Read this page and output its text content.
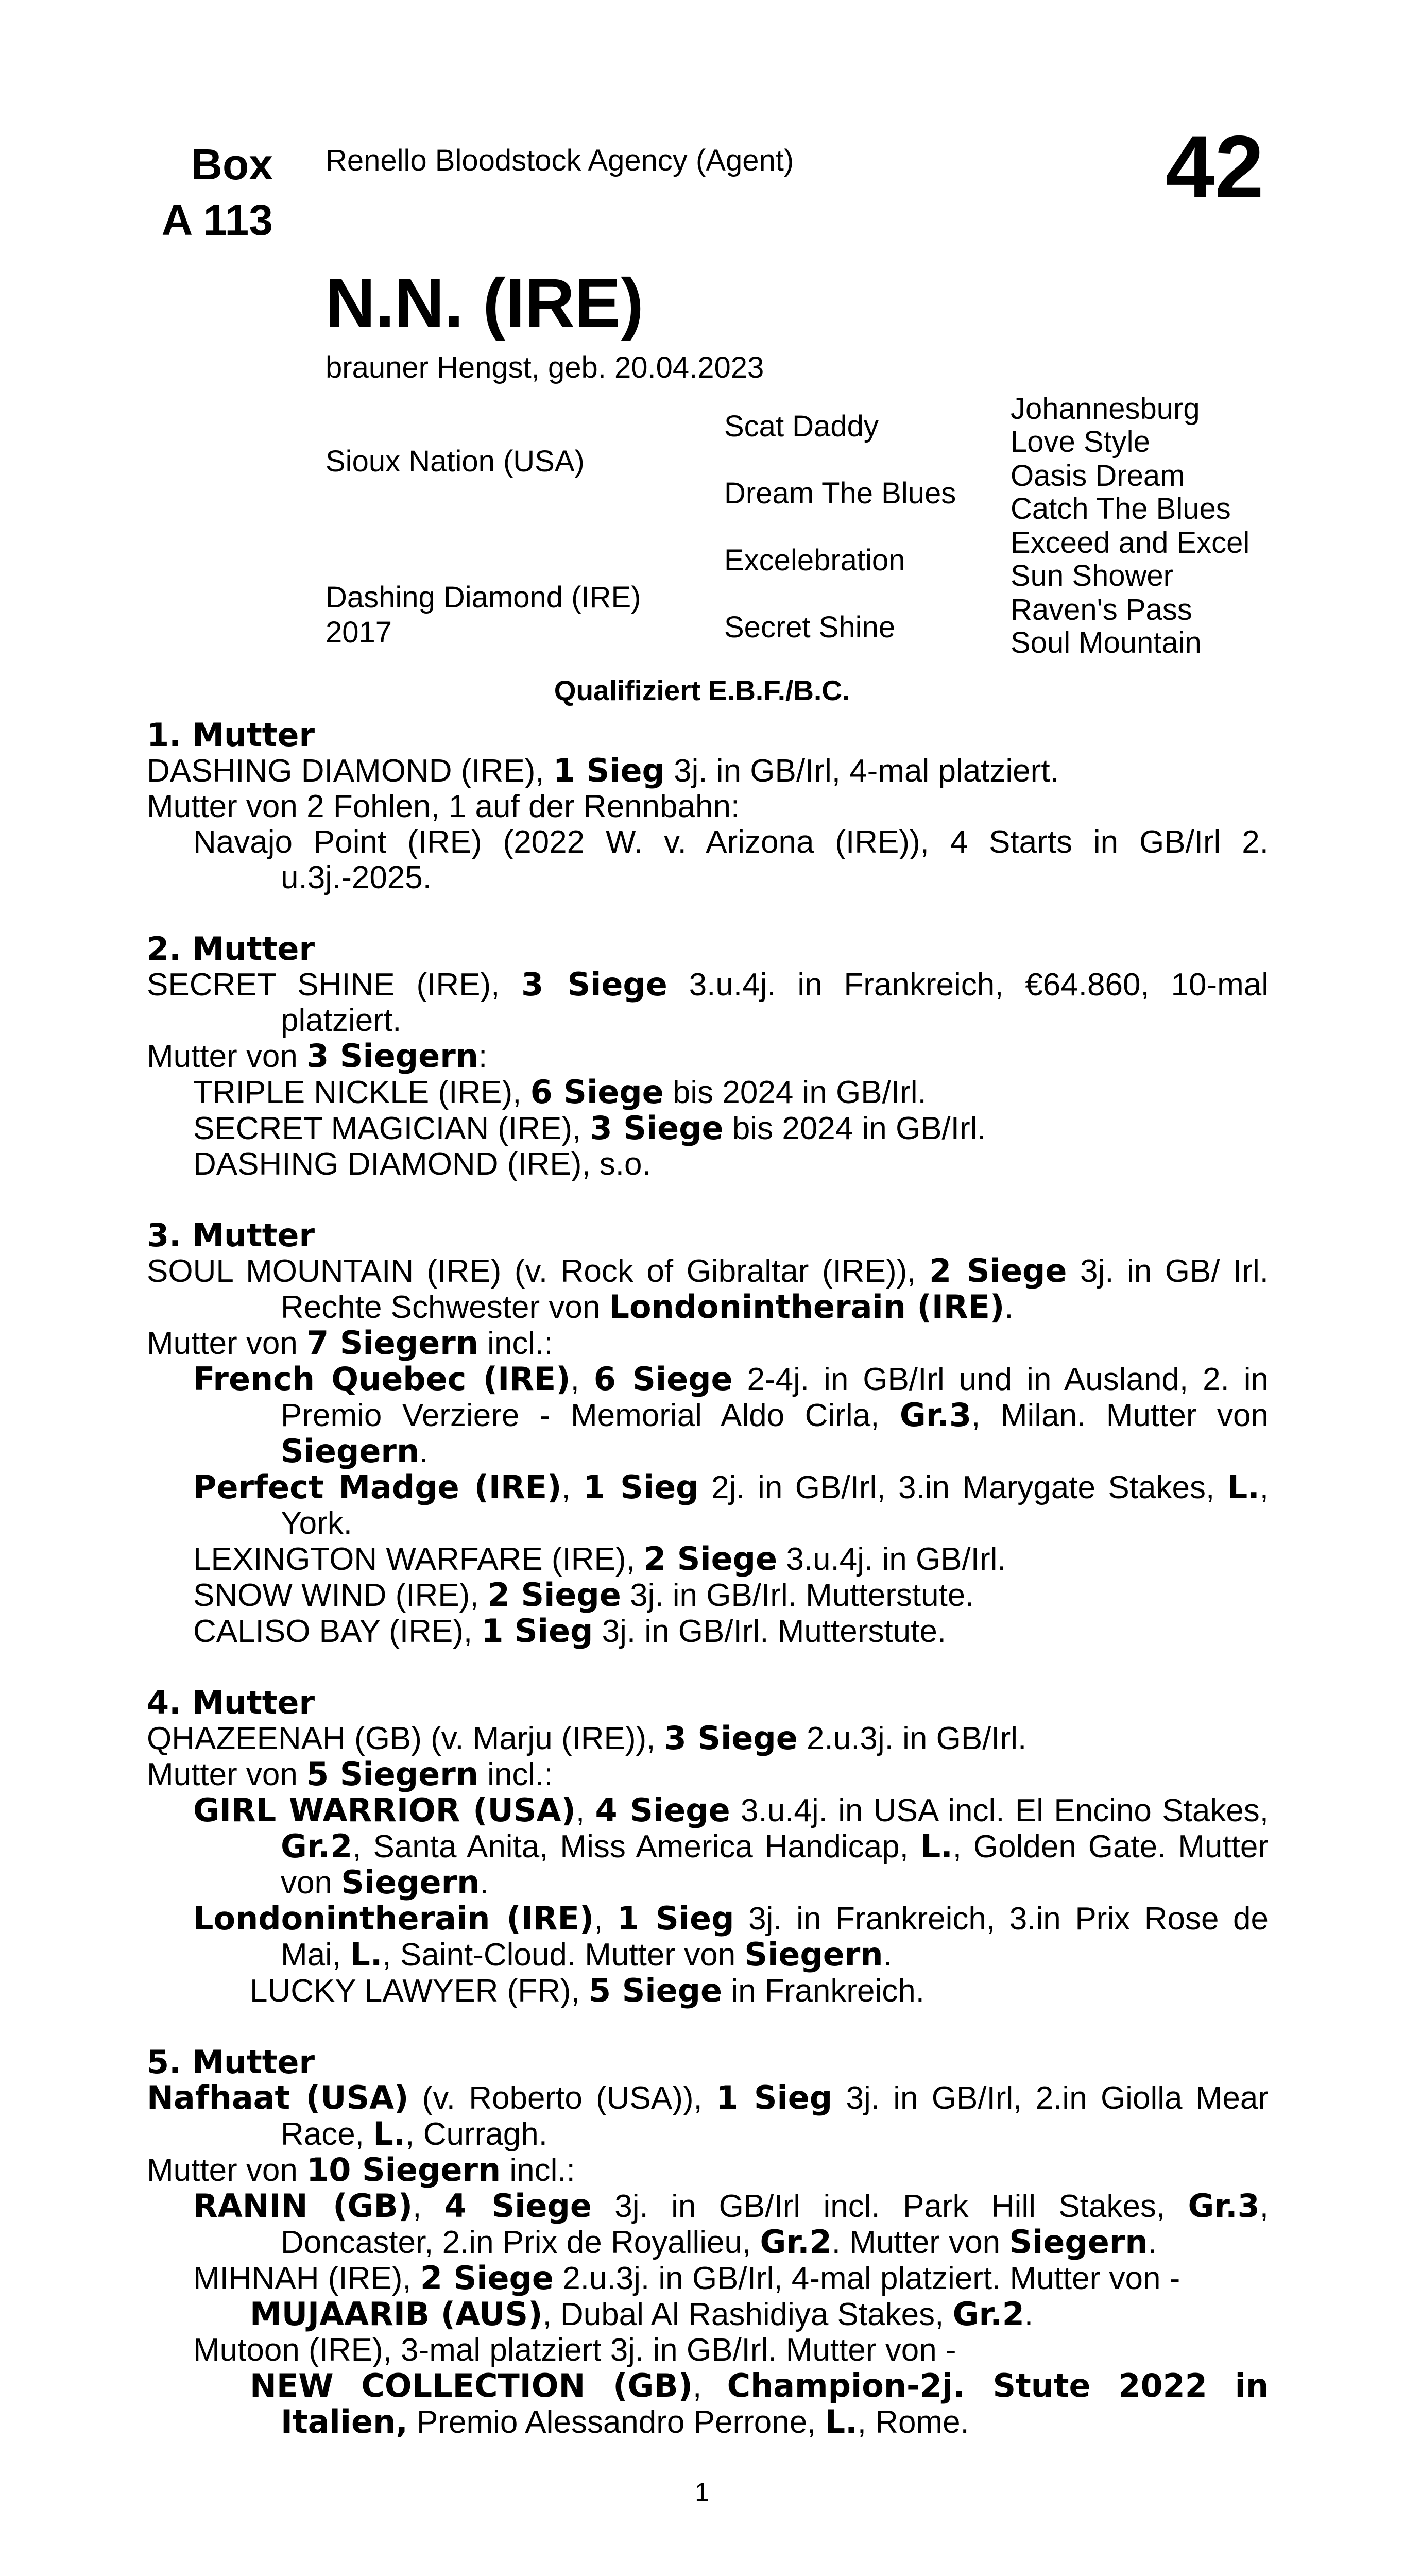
Box
A 113
Renello Bloodstock Agency (Agent)	42
N.N. (IRE)
brauner Hengst, geb. 20.04.2023
Sioux Nation (USA)
Dashing Diamond (IRE)
2017
Scat Daddy
Dream The Blues
Excelebration
Secret Shine
Johannesburg
Love Style
Oasis Dream
Catch The Blues
Exceed and Excel
Sun Shower
Raven's Pass
Soul Mountain
Qualifiziert E.B.F./B.C.
1. Mutter
DASHING DIAMOND (IRE), 1 Sieg 3j. in GB/Irl, 4-mal platziert.
Mutter von 2 Fohlen, 1 auf der Rennbahn:
Navajo Point (IRE) (2022 W. v. Arizona (IRE)), 4 Starts in GB/Irl 2. u.3j.-2025.
2. Mutter
SECRET SHINE (IRE), 3 Siege 3.u.4j. in Frankreich, €64.860, 10-mal platziert.
Mutter von 3 Siegern:
TRIPLE NICKLE (IRE), 6 Siege bis 2024 in GB/Irl.
SECRET MAGICIAN (IRE), 3 Siege bis 2024 in GB/Irl.
DASHING DIAMOND (IRE), s.o.
3. Mutter
SOUL MOUNTAIN (IRE) (v. Rock of Gibraltar (IRE)), 2 Siege 3j. in GB/ Irl. Rechte Schwester von Londonintherain (IRE).
Mutter von 7 Siegern incl.:
French Quebec (IRE), 6 Siege 2-4j. in GB/Irl und in Ausland, 2. in Premio Verziere - Memorial Aldo Cirla, Gr.3, Milan. Mutter von Siegern.
Perfect Madge (IRE), 1 Sieg 2j. in GB/Irl, 3.in Marygate Stakes, L., York.
LEXINGTON WARFARE (IRE), 2 Siege 3.u.4j. in GB/Irl.
SNOW WIND (IRE), 2 Siege 3j. in GB/Irl. Mutterstute.
CALISO BAY (IRE), 1 Sieg 3j. in GB/Irl. Mutterstute.
4. Mutter
QHAZEENAH (GB) (v. Marju (IRE)), 3 Siege 2.u.3j. in GB/Irl.
Mutter von 5 Siegern incl.:
GIRL WARRIOR (USA), 4 Siege 3.u.4j. in USA incl. El Encino Stakes, Gr.2, Santa Anita, Miss America Handicap, L., Golden Gate. Mutter von Siegern.
Londonintherain (IRE), 1 Sieg 3j. in Frankreich, 3.in Prix Rose de Mai, L., Saint-Cloud. Mutter von Siegern.
LUCKY LAWYER (FR), 5 Siege in Frankreich.
5. Mutter
Nafhaat (USA) (v. Roberto (USA)), 1 Sieg 3j. in GB/Irl, 2.in Giolla Mear Race, L., Curragh.
Mutter von 10 Siegern incl.:
RANIN (GB), 4 Siege 3j. in GB/Irl incl. Park Hill Stakes, Gr.3, Doncaster, 2.in Prix de Royallieu, Gr.2. Mutter von Siegern.
MIHNAH (IRE), 2 Siege 2.u.3j. in GB/Irl, 4-mal platziert. Mutter von -
MUJAARIB (AUS), Dubal Al Rashidiya Stakes, Gr.2.
Mutoon (IRE), 3-mal platziert 3j. in GB/Irl. Mutter von -
NEW COLLECTION (GB), Champion-2j. Stute 2022 in Italien, Premio Alessandro Perrone, L., Rome.
1
